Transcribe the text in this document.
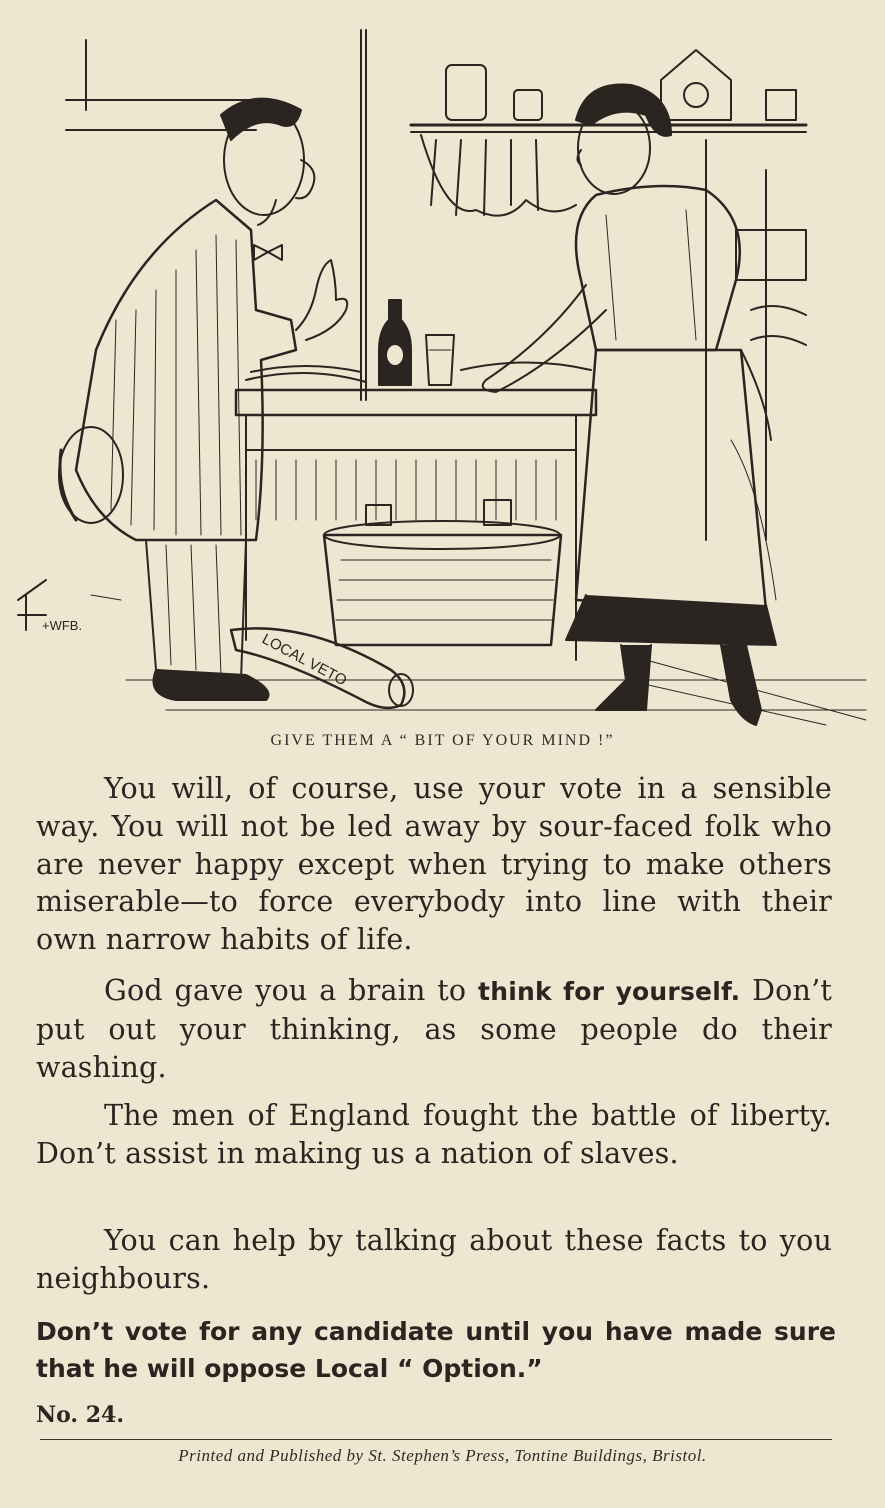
LOCAL VETO
+WFB.
GIVE THEM A “ BIT OF YOUR MIND !”

You will, of course, use your vote in a sensible way. You will not be led away by sour-faced folk who are never happy except when trying to make others miserable—to force everybody into line with their own narrow habits of life.

God gave you a brain to think for yourself. Don’t put out your thinking, as some people do their washing.

The men of England fought the battle of liberty. Don’t assist in making us a nation of slaves.

You can help by talking about these facts to you neighbours.

Don’t vote for any candidate until you have made sure that he will oppose Local “ Option.”

No. 24.
Printed and Published by St. Stephen’s Press, Tontine Buildings, Bristol.
